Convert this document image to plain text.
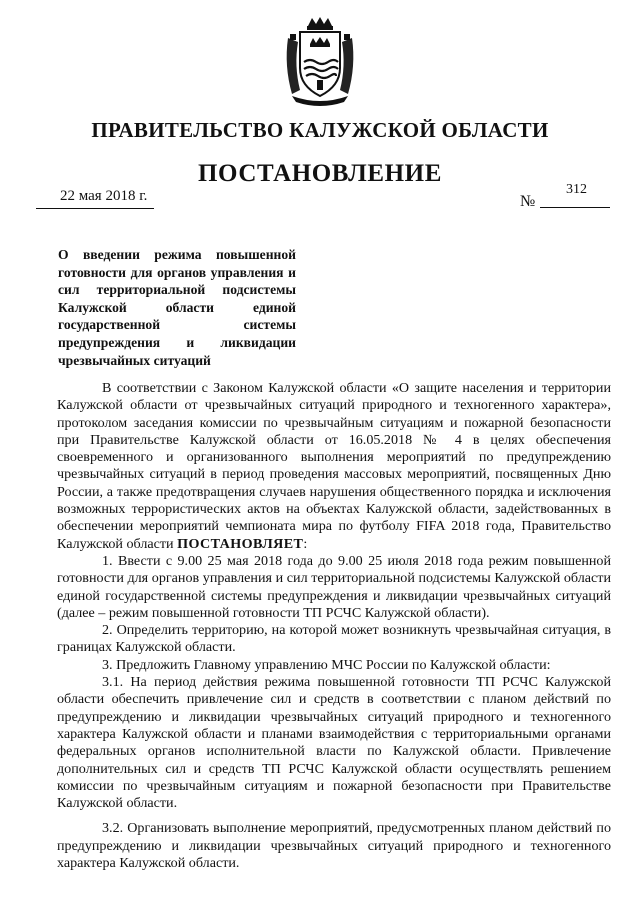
ПРАВИТЕЛЬСТВО КАЛУЖСКОЙ ОБЛАСТИ
ПОСТАНОВЛЕНИЕ
22 мая 2018 г.	№
312
О введении режима повышенной готовности для органов управления и сил территориальной подсистемы Калужской области единой государственной системы предупреждения и ликвидации чрезвычайных ситуаций

В соответствии с Законом Калужской области «О защите населения и территории Калужской области от чрезвычайных ситуаций природного и техногенного характера», протоколом заседания комиссии по чрезвычайным ситуациям и пожарной безопасности при Правительстве Калужской области от 16.05.2018 № 4 в целях обеспечения своевременного и организованного выполнения мероприятий по предупреждению чрезвычайных ситуаций в период проведения массовых мероприятий, посвященных Дню России, а также предотвращения случаев нарушения общественного порядка и исключения возможных террористических актов на объектах Калужской области, задействованных в обеспечении мероприятий чемпионата мира по футболу FIFA 2018 года, Правительство Калужской области ПОСТАНОВЛЯЕТ:

1. Ввести с 9.00 25 мая 2018 года до 9.00 25 июля 2018 года режим повышенной готовности для органов управления и сил территориальной подсистемы Калужской области единой государственной системы предупреждения и ликвидации чрезвычайных ситуаций (далее – режим повышенной готовности ТП РСЧС Калужской области).

2. Определить территорию, на которой может возникнуть чрезвычайная ситуация, в границах Калужской области.

3. Предложить Главному управлению МЧС России по Калужской области:

3.1. На период действия режима повышенной готовности ТП РСЧС Калужской области обеспечить привлечение сил и средств в соответствии с планом действий по предупреждению и ликвидации чрезвычайных ситуаций природного и техногенного характера Калужской области и планами взаимодействия с территориальными органами федеральных органов исполнительной власти по Калужской области. Привлечение дополнительных сил и средств ТП РСЧС Калужской области осуществлять решением комиссии по чрезвычайным ситуациям и пожарной безопасности при Правительстве Калужской области.

3.2. Организовать выполнение мероприятий, предусмотренных планом действий по предупреждению и ликвидации чрезвычайных ситуаций природного и техногенного характера Калужской области.
